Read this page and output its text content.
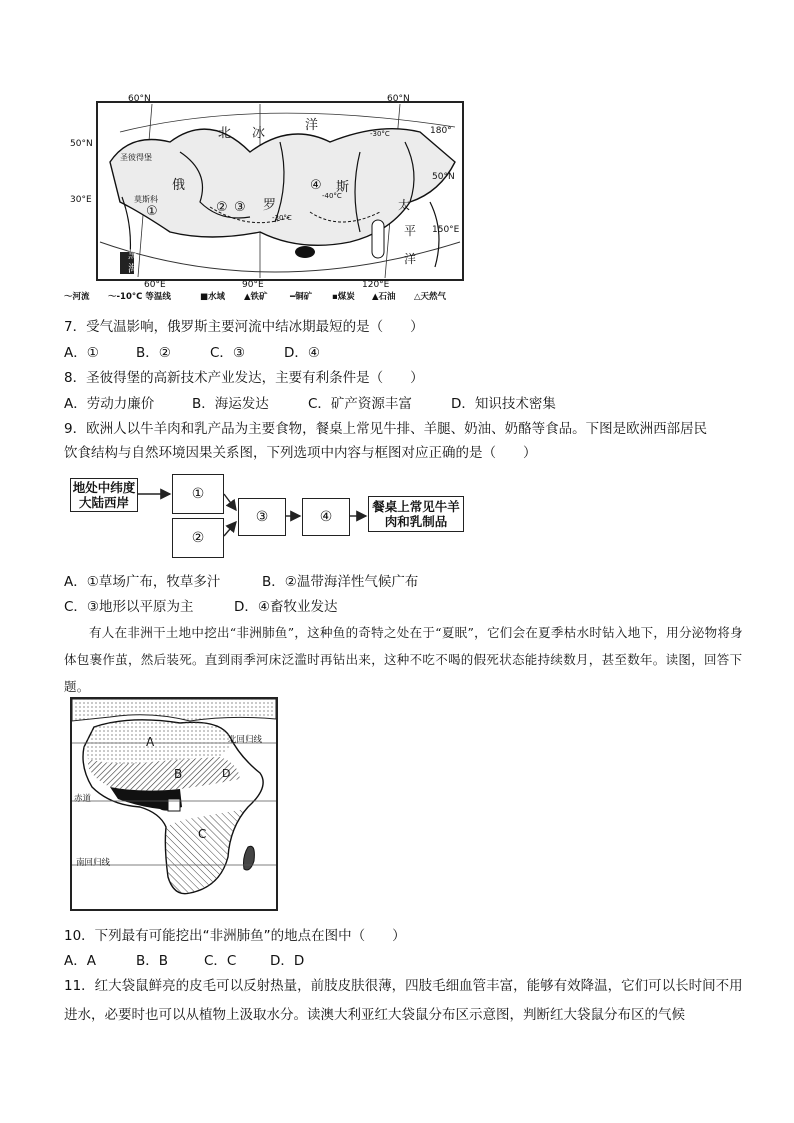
60°N	60°N
50°N
30°E
180°
50°N
150°E
60°E	90°E	120°E
北 冰
洋
俄
罗
斯
太
平
洋
圣彼得堡
莫斯科
①	② ③
④
-30°C
-40°C
-30°C
黑
海
〜河流 〜-10°C 等温线	■水域 ▲铁矿	━铜矿 ▪煤炭 ▲石油 △天然气
7．受气温影响，俄罗斯主要河流中结冰期最短的是（　　）
A．①	B．②	C．③	D．④
8．圣彼得堡的高新技术产业发达，主要有利条件是（　　）
A．劳动力廉价	B．海运发达	C．矿产资源丰富	D．知识技术密集
9．欧洲人以牛羊肉和乳产品为主要食物，餐桌上常见牛排、羊腿、奶油、奶酪等食品。下图是欧洲西部居民
饮食结构与自然环境因果关系图，下列选项中内容与框图对应正确的是（　　）
地处中纬度大陆西岸
①
②
③	④
餐桌上常见牛羊肉和乳制品
A．①草场广布，牧草多汁	B．②温带海洋性气候广布
C．③地形以平原为主	D．④畜牧业发达

有人在非洲干土地中挖出“非洲肺鱼”，这种鱼的奇特之处在于“夏眠”，它们会在夏季枯水时钻入地下，用分泌物将身体包裹作茧，然后装死。直到雨季河床泛滥时再钻出来，这种不吃不喝的假死状态能持续数月，甚至数年。读图，回答下题。

北回归线
赤道
南回归线
A
B
C
D
10．下列最有可能挖出“非洲肺鱼”的地点在图中（　　）
A．A	B．B	C．C D．D

11．红大袋鼠鲜亮的皮毛可以反射热量，前肢皮肤很薄，四肢毛细血管丰富，能够有效降温，它们可以长时间不用进水，必要时也可以从植物上汲取水分。读澳大利亚红大袋鼠分布区示意图，判断红大袋鼠分布区的气候
